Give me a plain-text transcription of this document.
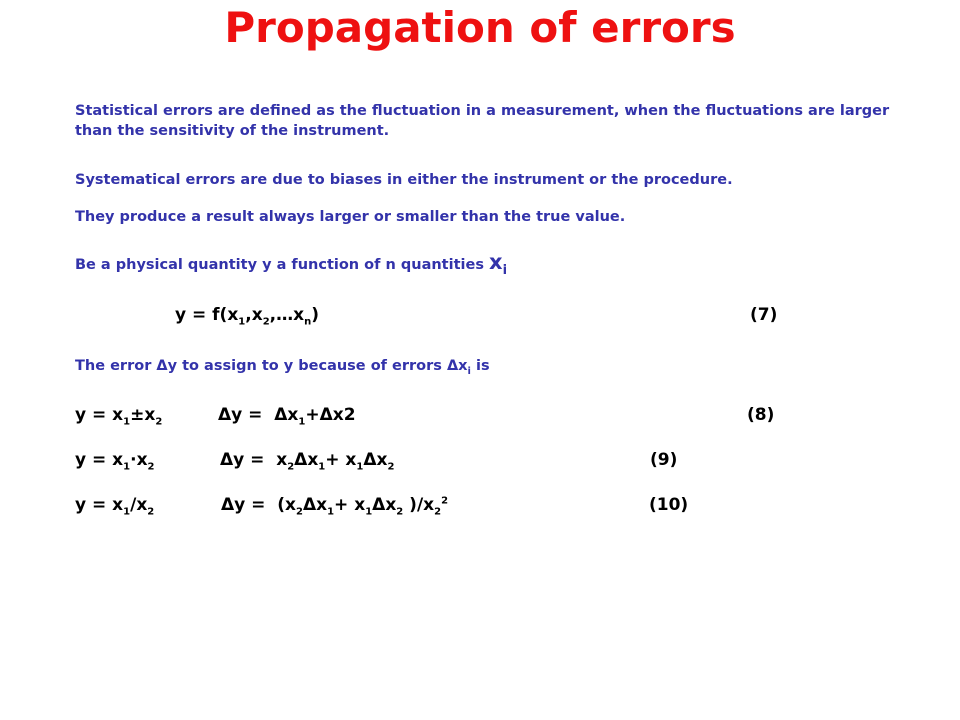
Propagation of errors

Statistical errors are defined as the fluctuation in a measurement, when the fluctuations are larger than the sensitivity of the instrument.

Systematical errors are due to biases in either the instrument or the procedure.

They produce a result always larger or smaller than the true value.

Be a physical quantity y a function of n quantities $x_i$

$y = f(x_1,x_2,\dots x_n)$	(7)

The error Δy to assign to y because of errors $\Delta x_i$ is

$y = x_1\pm x_2$	$\Delta y = \Delta x_1+\Delta x2$	(8)
$y = x_1\cdot x_2$	$\Delta y = x_2\Delta x_1+ x_1\Delta x_2$	(9)
$y = x_1/x_2$	$\Delta y = (x_2\Delta x_1+ x_1\Delta x_2$ )$/x_2^2$	(10)
